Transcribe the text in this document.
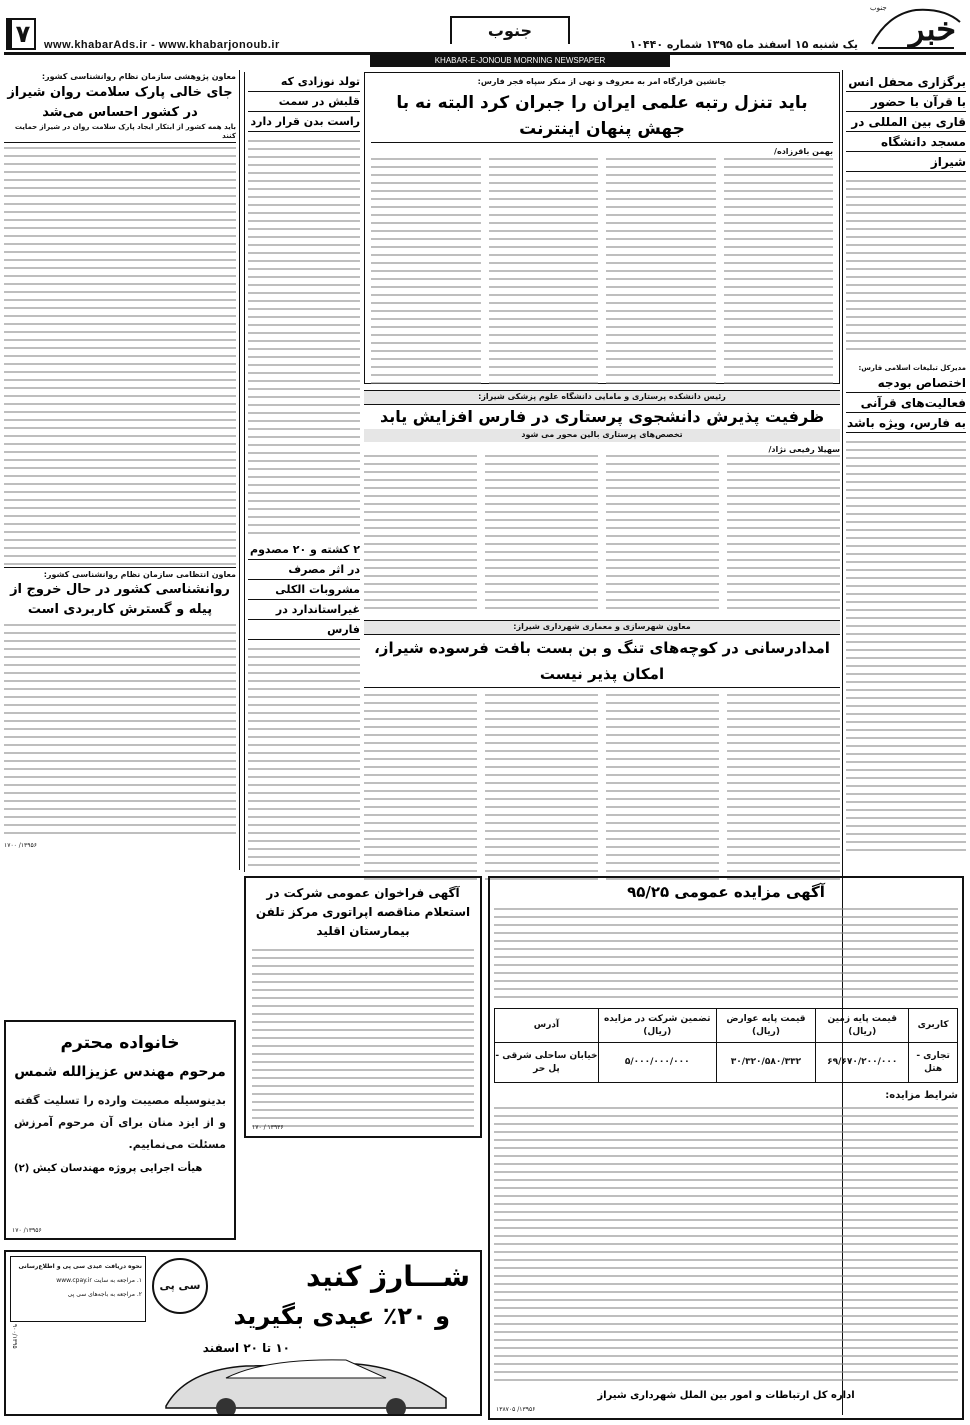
۷	www.khabarAds.ir - www.khabarjonoub.ir
جنوب
یک شنبه ۱۵ اسفند ماه ۱۳۹۵ شماره ۱۰۴۴۰ خبر
جنوب
KHABAR-E-JONOUB MORNING NEWSPAPER
برگزاری محفل انس با قرآن با حضور قاری بین المللی در مسجد دانشگاه شیراز
مدیرکل تبلیغات اسلامی فارس:
اختصاص بودجه فعالیت‌های قرآنی به فارس، ویژه باشد
جانشین قرارگاه امر به معروف و نهی از منکر سپاه فجر فارس:
باید تنزل رتبه علمی ایران را جبران کرد البته نه با جهش پنهان اینترنت
بهمن باقرزاده/
رئیس دانشکده پرستاری و مامایی دانشگاه علوم پزشکی شیراز:
ظرفیت پذیرش دانشجوی پرستاری در فارس افزایش یابد
تخصص‌های پرستاری بالین محور می شود
سهیلا رفیعی نژاد/
معاون شهرسازی و معماری شهرداری شیراز:
امدادرسانی در کوچه‌های تنگ و بن بست بافت فرسوده شیراز، امکان پذیر نیست
تولد نوزادی که قلبش در سمت راست بدن قرار دارد
۲ کشته و ۲۰ مصدوم در اثر مصرف مشروبات الکلی غیراستاندارد در فارس
معاون پژوهشی سازمان نظام روانشناسی کشور:
جای خالی پارک سلامت روان شیراز در کشور احساس می‌شد
باید همه کشور از ابتکار ایجاد پارک سلامت روان در شیراز حمایت کنند
معاون انتظامی سازمان نظام روانشناسی کشور:
روانشناسی کشور در حال خروج از پیله و گسترش کاربردی است
۱۳۹۵۶/ ۱۷۰۰
آگهی مزایده عمومی ۹۵/۲۵
کاربری	قیمت پایه زمین (ریال)	قیمت پایه عوارض (ریال)	تضمین شرکت در مزایده (ریال)	آدرس
تجاری - هتل	۶۹/۶۷۰/۲۰۰/۰۰۰	۳۰/۳۲۰/۵۸۰/۳۳۲	۵/۰۰۰/۰۰۰/۰۰۰	خیابان ساحلی شرقی - پل حر
شرایط مزایده:
اداره کل ارتباطات و امور بین الملل شهرداری شیراز
۱۳۹۵۶/ ۱۳۸۷۰۵
آگهی فراخوان عمومی شرکت در استعلام مناقصه اپراتوری مرکز تلفن بیمارستان اقلید
۱۳۹۳۶ / ۱۷۰
خانواده محترم
مرحوم مهندس عزیزالله شمس
بدینوسیله مصیبت وارده را تسلیت گفته و از ایزد منان برای آن مرحوم آمرزش مسئلت می‌نماییم.
هیأت اجرایی پروژه مهندسان کیش (۲)
۱۳۹۵۶/ ۱۷۰
نحوه دریافت عیدی سی پی و اطلاع‌رسانی
۱. مراجعه به سایت www.cpay.ir
۲. مراجعه به باجه‌های سی پی
سی پی	شـــارژ کنید
و ۲۰٪ عیدی بگیرید
۱۰ تا ۲۰ اسفند
۹۰۰/۱۳۹۵
